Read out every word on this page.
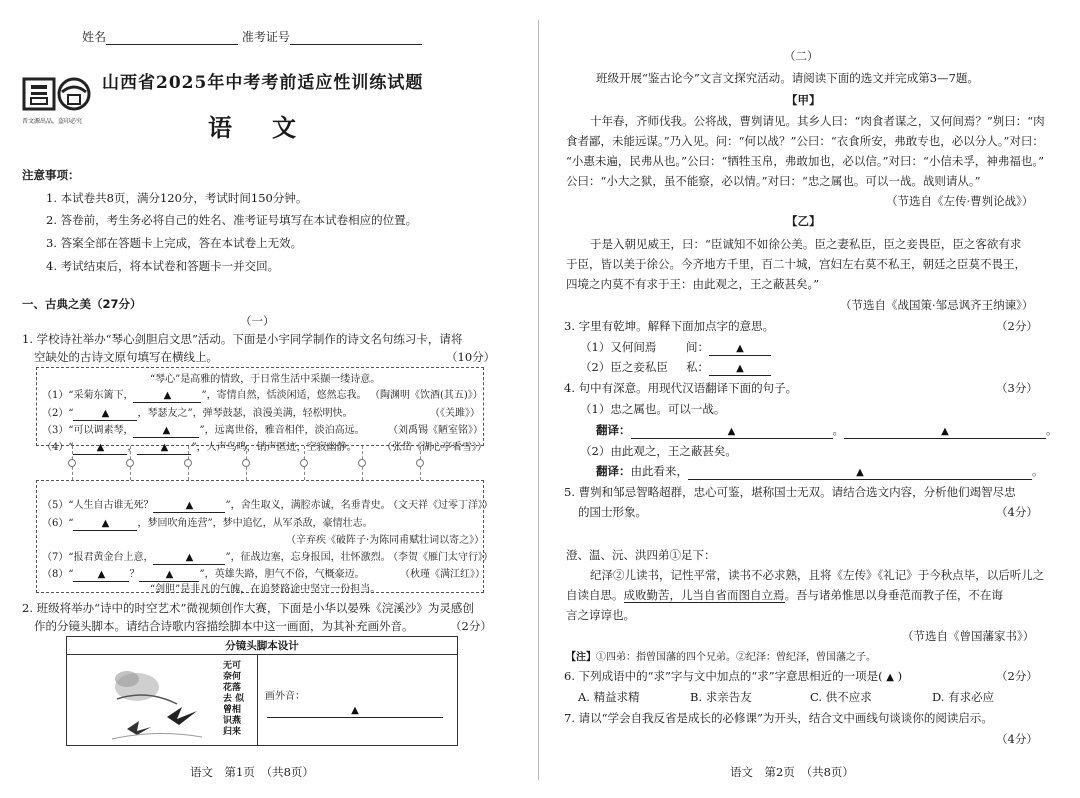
姓名	准考证号
晋文源出品，盗印必究
山西省2025年中考考前适应性训练试题
语文
注意事项：
1. 本试卷共8页，满分120分，考试时间150分钟。
2. 答卷前，考生务必将自己的姓名、准考证号填写在本试卷相应的位置。
3. 答案全部在答题卡上完成，答在本试卷上无效。
4. 考试结束后，将本试卷和答题卡一并交回。
一、古典之美（27分）
（一）
1. 学校诗社举办“琴心剑胆启文思”活动。下面是小宇同学制作的诗文名句练习卡，请将
空缺处的古诗文原句填写在横线上。	（10分）
“琴心”是高雅的情致，于日常生活中采撷一缕诗意。
（1）“采菊东篱下，	▲	”，寄情自然，恬淡闲适，悠然忘我。 （陶渊明《饮酒(其五)》）
（2）“	▲	，琴瑟友之”，弹琴鼓瑟，浪漫美满，轻松明快。	（《关雎》）
（3）“可以调素琴，	▲	”，远离世俗，雅音相伴，淡泊高远。 （刘禹锡《陋室铭》）
（4）“ ▲ ， ▲ ”，人声鸟鸣，销声匿迹，空寂幽静。	（张岱《湖心亭看雪》）
（5）“人生自古谁无死？	▲	”，舍生取义，满腔赤诚，名垂青史。
（文天祥《过零丁洋》）
（6）“	▲	，梦回吹角连营”，梦中追忆，从军杀敌，豪情壮志。
（辛弃疾《破阵子·为陈同甫赋壮词以寄之》）
（7）“报君黄金台上意，	▲	”，征战边塞，忘身报国，壮怀激烈。
（李贺《雁门太守行》）
（8）“ ▲ ？	▲	”，英雄失路，胆气不俗，气概豪迈。	（秋瑾《满江红》）
“剑胆”是非凡的气魄，在追梦路途中坚守一份担当。
2. 班级将举办“诗中的时空艺术”微视频创作大赛，下面是小华以晏殊《浣溪沙》为灵感创
作的分镜头脚本。请结合诗歌内容描绘脚本中这一画面，为其补充画外音。	（2分）
分镜头脚本设计
无可奈何花落去 似曾相识燕归来
画外音：
▲
语文　第1页　（共8页）
（二）
班级开展“鉴古论今”文言文探究活动。请阅读下面的选文并完成第3—7题。
【甲】
十年春，齐师伐我。公将战，曹刿请见。其乡人曰：“肉食者谋之，又何间焉？”刿曰：“肉
食者鄙，未能远谋。”乃入见。问：“何以战？”公曰：“衣食所安，弗敢专也，必以分人。”对曰：
“小惠未遍，民弗从也。”公曰：“牺牲玉帛，弗敢加也，必以信。”对曰：“小信未孚，神弗福也。”
公曰：“小大之狱，虽不能察，必以情。”对曰：“忠之属也。可以一战。战则请从。”
（节选自《左传·曹刿论战》）
【乙】
于是入朝见威王，曰：“臣诚知不如徐公美。臣之妻私臣，臣之妾畏臣，臣之客欲有求
于臣，皆以美于徐公。今齐地方千里，百二十城，宫妇左右莫不私王，朝廷之臣莫不畏王，
四境之内莫不有求于王：由此观之，王之蔽甚矣。”
（节选自《战国策·邹忌讽齐王纳谏》）
3. 字里有乾坤。解释下面加点字的意思。	（2分）
（1）又何间焉	间：	▲
（2）臣之妾私臣 私：	▲
4. 句中有深意。用现代汉语翻译下面的句子。	（3分）
（1）忠之属也。可以一战。
翻译：	▲	。	▲	。
（2）由此观之，王之蔽甚矣。
翻译：由此看来，	▲	。
5. 曹刿和邹忌智略超群，忠心可鉴，堪称国士无双。请结合选文内容，分析他们竭智尽忠
的国士形象。	（4分）
澄、温、沅、洪四弟①足下：
纪泽②儿读书，记性平常，读书不必求熟，且将《左传》《礼记》于今秋点毕，以后听儿之
自读自思。成败勤苦，儿当自省而图自立焉。吾与诸弟惟思以身垂范而教子侄，不在诲
言之谆谆也。
（节选自《曾国藩家书》）
【注】①四弟：指曾国藩的四个兄弟。②纪泽：曾纪泽，曾国藩之子。
6. 下列成语中的“求”字与文中加点的“求”字意思相近的一项是( ▲ )	（2分）
A. 精益求精	B. 求亲告友	C. 供不应求	D. 有求必应
7. 请以“学会自我反省是成长的必修课”为开头，结合文中画线句谈谈你的阅读启示。
（4分）
语文　第2页　（共8页）
